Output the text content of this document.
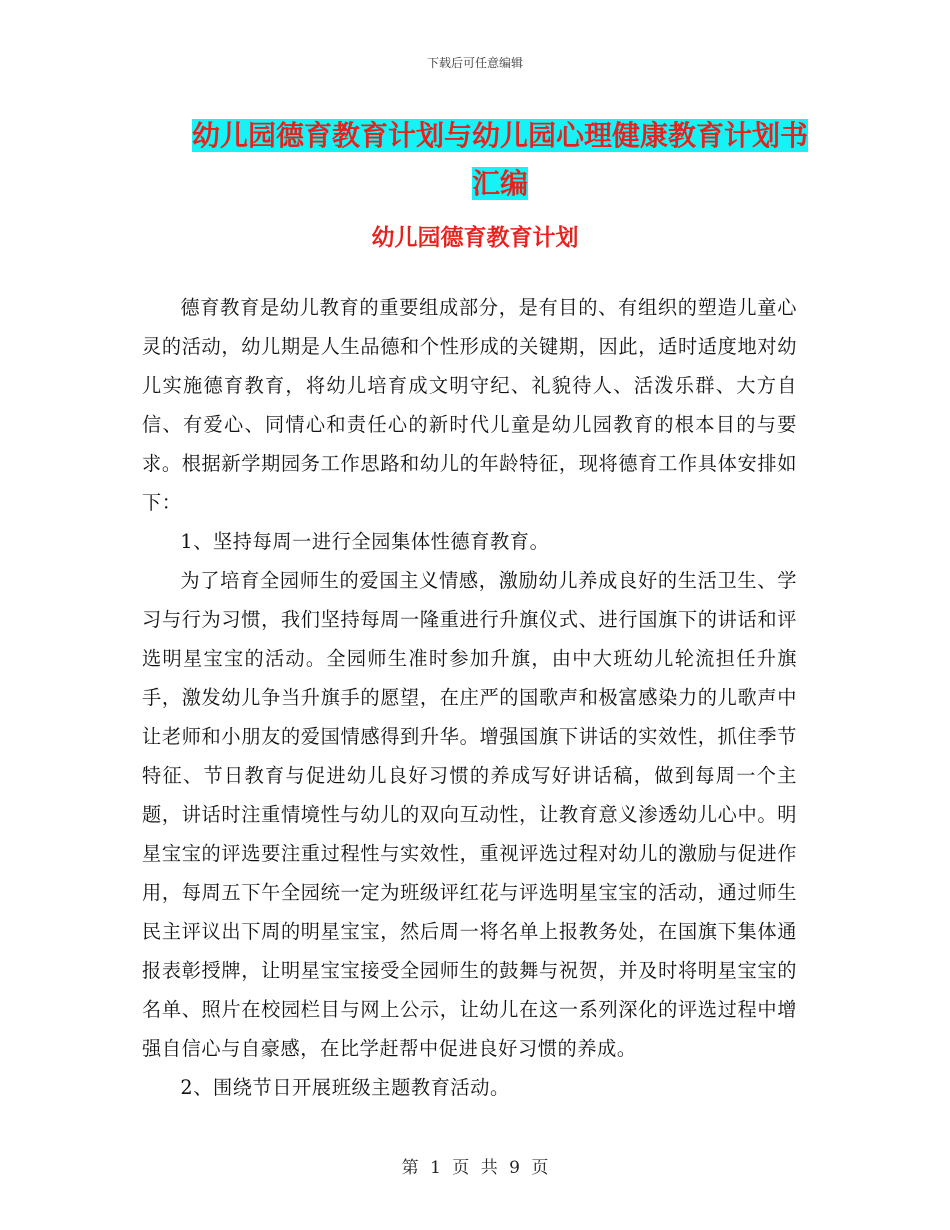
下载后可任意编辑
幼儿园德育教育计划与幼儿园心理健康教育计划书汇编
幼儿园德育教育计划

德育教育是幼儿教育的重要组成部分，是有目的、有组织的塑造儿童心灵的活动，幼儿期是人生品德和个性形成的关键期，因此，适时适度地对幼儿实施德育教育，将幼儿培育成文明守纪、礼貌待人、活泼乐群、大方自信、有爱心、同情心和责任心的新时代儿童是幼儿园教育的根本目的与要求。根据新学期园务工作思路和幼儿的年龄特征，现将德育工作具体安排如下：

1、坚持每周一进行全园集体性德育教育。

为了培育全园师生的爱国主义情感，激励幼儿养成良好的生活卫生、学习与行为习惯，我们坚持每周一隆重进行升旗仪式、进行国旗下的讲话和评选明星宝宝的活动。全园师生准时参加升旗，由中大班幼儿轮流担任升旗手，激发幼儿争当升旗手的愿望，在庄严的国歌声和极富感染力的儿歌声中让老师和小朋友的爱国情感得到升华。增强国旗下讲话的实效性，抓住季节特征、节日教育与促进幼儿良好习惯的养成写好讲话稿，做到每周一个主题，讲话时注重情境性与幼儿的双向互动性，让教育意义渗透幼儿心中。明星宝宝的评选要注重过程性与实效性，重视评选过程对幼儿的激励与促进作用，每周五下午全园统一定为班级评红花与评选明星宝宝的活动，通过师生民主评议出下周的明星宝宝，然后周一将名单上报教务处，在国旗下集体通报表彰授牌，让明星宝宝接受全园师生的鼓舞与祝贺，并及时将明星宝宝的名单、照片在校园栏目与网上公示，让幼儿在这一系列深化的评选过程中增强自信心与自豪感，在比学赶帮中促进良好习惯的养成。

2、围绕节日开展班级主题教育活动。

第 1 页 共 9 页
